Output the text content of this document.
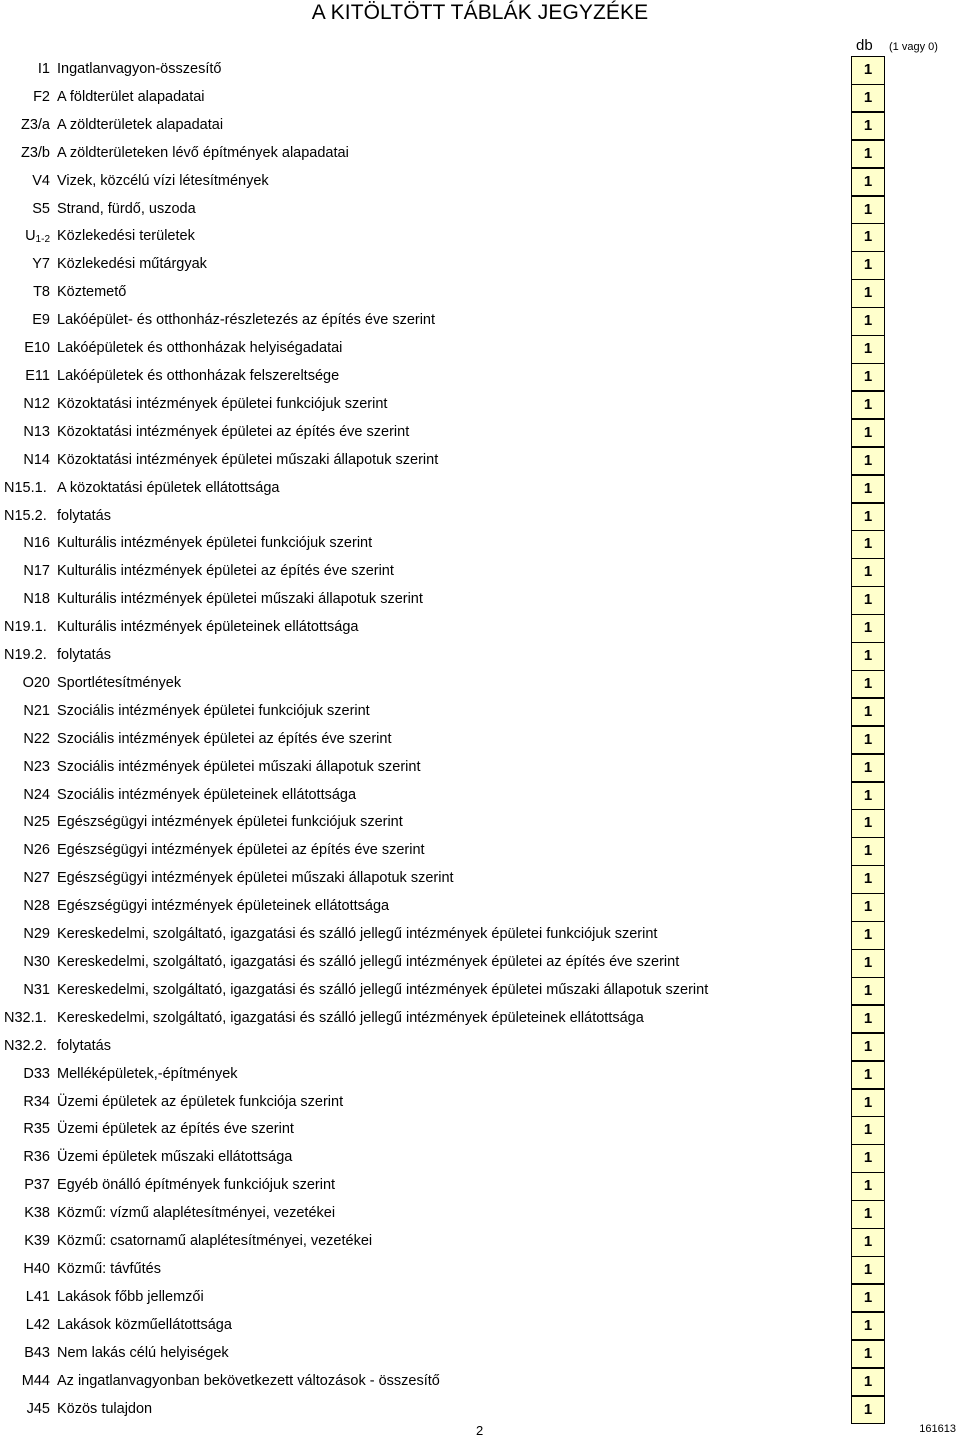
A KITÖLTÖTT TÁBLÁK JEGYZÉKE
db (1 vagy 0)
I1 Ingatlanvagyon-összesítő	1
F2 A földterület alapadatai	1
Z3/a A zöldterületek alapadatai	1
Z3/b A zöldterületeken lévő építmények alapadatai	1
V4 Vizek, közcélú vízi létesítmények	1
S5 Strand, fürdő, uszoda	1
$U_{1-2}$ Közlekedési területek	1
Y7 Közlekedési műtárgyak	1
T8 Köztemető	1
E9 Lakóépület- és otthonház-részletezés az építés éve szerint	1
E10 Lakóépületek és otthonházak helyiségadatai	1
E11 Lakóépületek és otthonházak felszereltsége	1
N12 Közoktatási intézmények épületei funkciójuk szerint	1
N13 Közoktatási intézmények épületei az építés éve szerint	1
N14 Közoktatási intézmények épületei műszaki állapotuk szerint	1
N15.1. A közoktatási épületek ellátottsága	1
N15.2. folytatás	1
N16 Kulturális intézmények épületei funkciójuk szerint	1
N17 Kulturális intézmények épületei az építés éve szerint	1
N18 Kulturális intézmények épületei műszaki állapotuk szerint	1
N19.1. Kulturális intézmények épületeinek ellátottsága	1
N19.2. folytatás	1
O20 Sportlétesítmények	1
N21 Szociális intézmények épületei funkciójuk szerint	1
N22 Szociális intézmények épületei az építés éve szerint	1
N23 Szociális intézmények épületei műszaki állapotuk szerint	1
N24 Szociális intézmények épületeinek ellátottsága	1
N25 Egészségügyi intézmények épületei funkciójuk szerint	1
N26 Egészségügyi intézmények épületei az építés éve szerint	1
N27 Egészségügyi intézmények épületei műszaki állapotuk szerint	1
N28 Egészségügyi intézmények épületeinek ellátottsága	1
N29 Kereskedelmi, szolgáltató, igazgatási és szálló jellegű intézmények épületei funkciójuk szerint	1
N30 Kereskedelmi, szolgáltató, igazgatási és szálló jellegű intézmények épületei az építés éve szerint	1
N31 Kereskedelmi, szolgáltató, igazgatási és szálló jellegű intézmények épületei műszaki állapotuk szerint	1
N32.1. Kereskedelmi, szolgáltató, igazgatási és szálló jellegű intézmények épületeinek ellátottsága	1
N32.2. folytatás	1
D33 Melléképületek,-építmények	1
R34 Üzemi épületek az épületek funkciója szerint	1
R35 Üzemi épületek az építés éve szerint	1
R36 Üzemi épületek műszaki ellátottsága	1
P37 Egyéb önálló építmények funkciójuk szerint	1
K38 Közmű: vízmű alaplétesítményei, vezetékei	1
K39 Közmű: csatornamű alaplétesítményei, vezetékei	1
H40 Közmű: távfűtés	1
L41 Lakások főbb jellemzői	1
L42 Lakások közműellátottsága	1
B43 Nem lakás célú helyiségek	1
M44 Az ingatlanvagyonban bekövetkezett változások - összesítő	1
J45 Közös tulajdon	1
2	161613
